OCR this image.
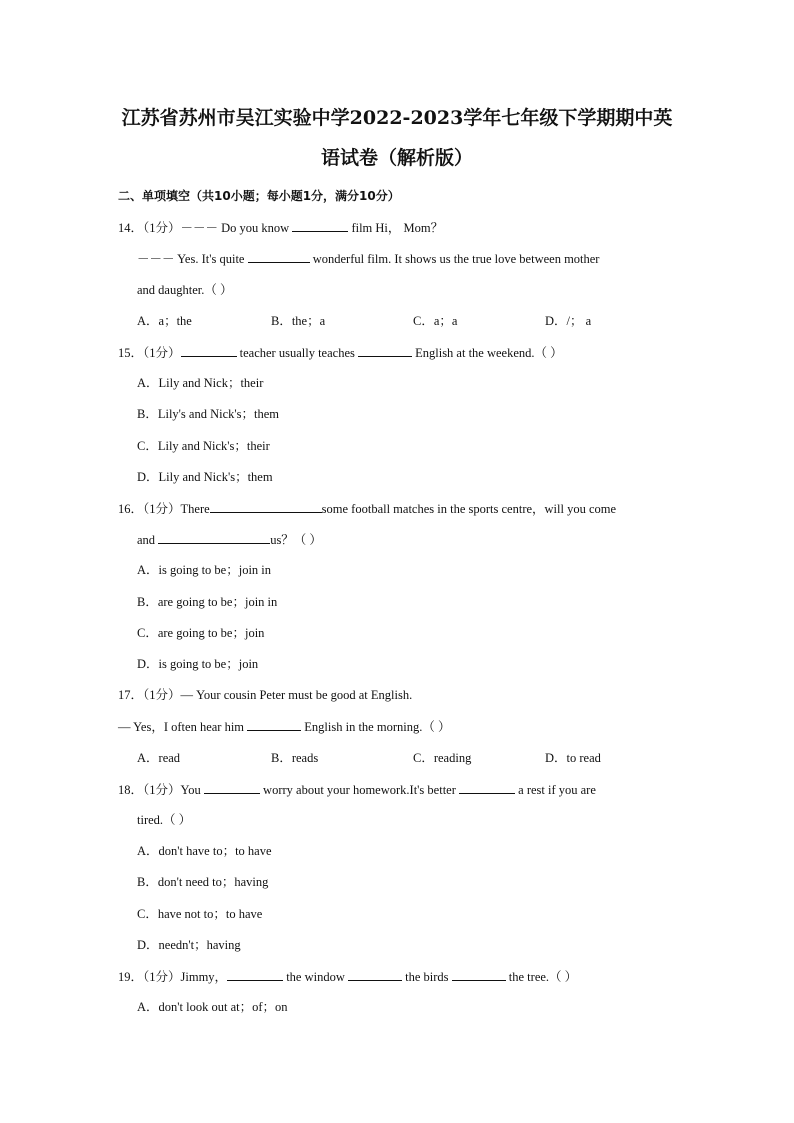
江苏省苏州市吴江实验中学2022-2023学年七年级下学期期中英
语试卷（解析版）
二、单项填空（共10小题；每小题1分，满分10分）
14．（1分）－－－ Do you know	film Hi， Mom？
－－－ Yes. It's quite	wonderful film. It shows us the true love between mother
and daughter.（ ）
A．a；the	B．the；a	C．a；a	D．/； a
15．（1分）	teacher usually teaches	English at the weekend.（ ）
A．Lily and Nick；their
B．Lily's and Nick's；them
C．Lily and Nick's；their
D．Lily and Nick's；them
16．（1分）There	some football matches in the sports centre，will you come
and	us？（ ）
A．is going to be；join in
B．are going to be；join in
C．are going to be；join
D．is going to be；join
17．（1分）— Your cousin Peter must be good at English.
— Yes，I often hear him	English in the morning.（ ）
A．read	B．reads	C．reading	D．to read
18．（1分）You	worry about your homework.It's better	a rest if you are
tired.（ ）
A．don't have to；to have
B．don't need to；having
C．have not to；to have
D．needn't；having
19．（1分）Jimmy，	the window	the birds	the tree.（ ）
A．don't look out at；of；on
